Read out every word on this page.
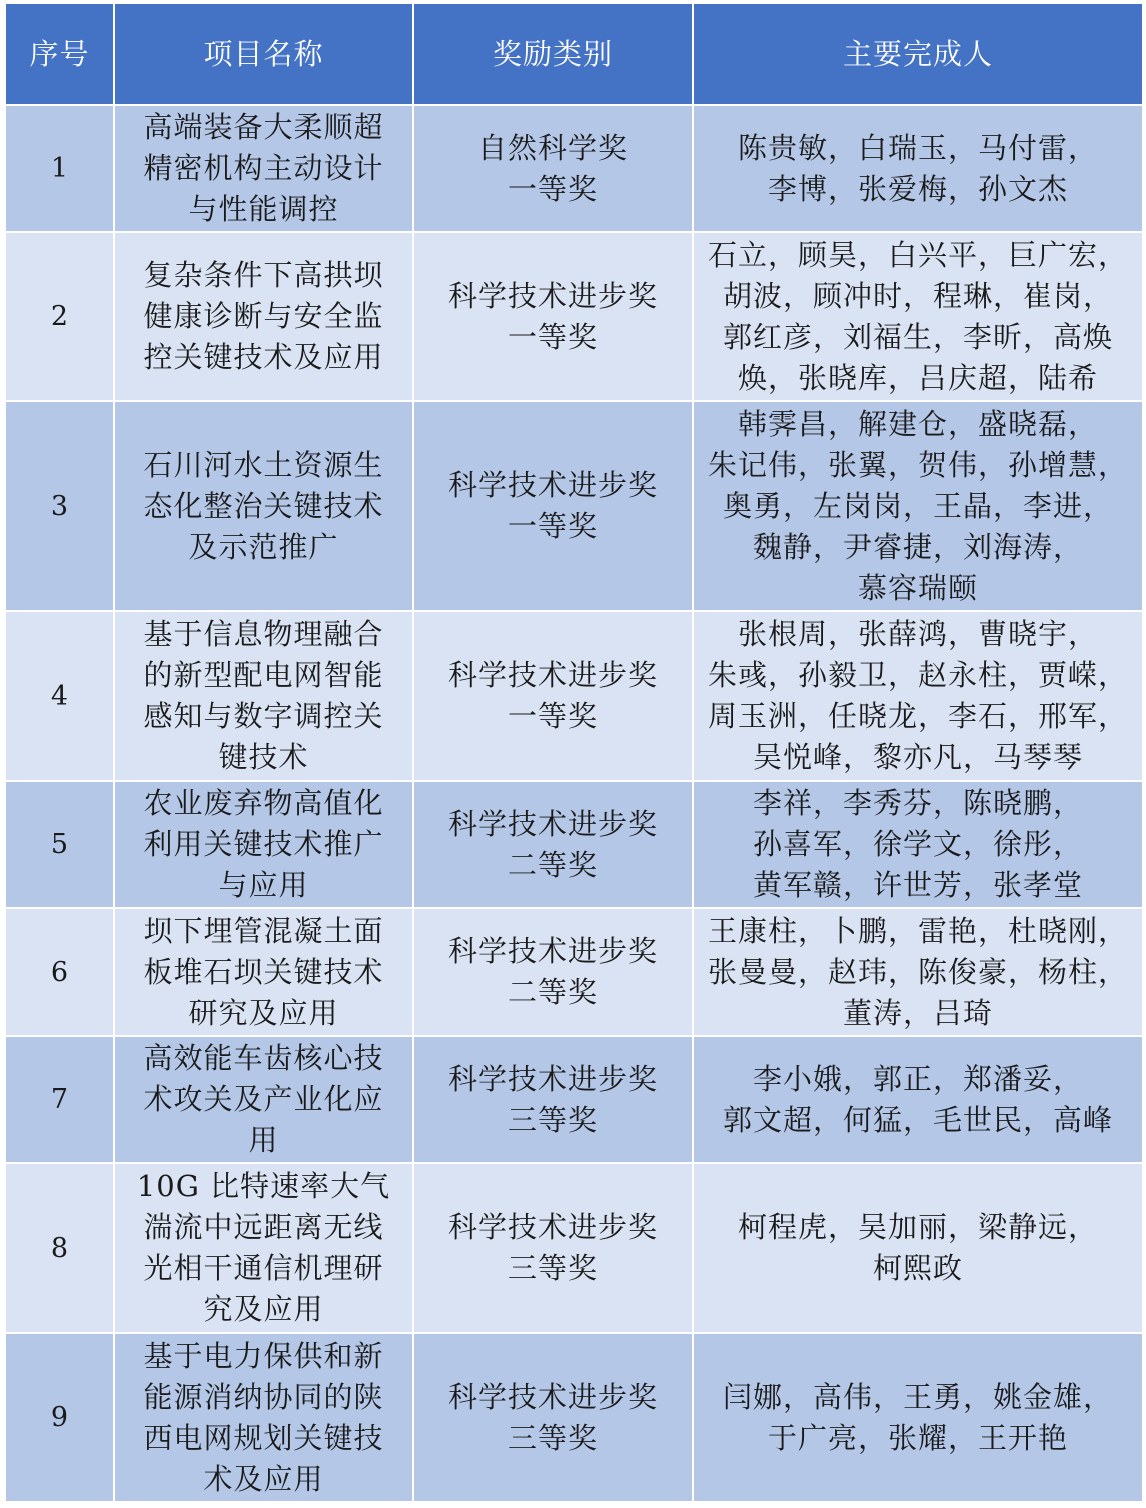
序号	项目名称	奖励类别	主要完成人
1	高端装备大柔顺超
精密机构主动设计
与性能调控	自然科学奖
一等奖	陈贵敏，白瑞玉，马付雷，
李博，张爱梅，孙文杰

2	复杂条件下高拱坝
健康诊断与安全监
控关键技术及应用	科学技术进步奖
一等奖	石立，顾昊，白兴平，巨广宏，
胡波，顾冲时，程琳，崔岗，
郭红彦，刘福生，李昕，高焕
焕，张晓库，吕庆超，陆希

3	石川河水土资源生
态化整治关键技术
及示范推广	科学技术进步奖
一等奖	韩霁昌，解建仓，盛晓磊，
朱记伟，张翼，贺伟，孙增慧，
奥勇，左岗岗，王晶，李进，
魏静，尹睿捷，刘海涛，
慕容瑞颐

4	基于信息物理融合
的新型配电网智能
感知与数字调控关
键技术	科学技术进步奖
一等奖	张根周，张薛鸿，曹晓宇，
朱彧，孙毅卫，赵永柱，贾嵘，
周玉洲，任晓龙，李石，邢军，
吴悦峰，黎亦凡，马琴琴

5	农业废弃物高值化
利用关键技术推广
与应用	科学技术进步奖
二等奖	李祥，李秀芬，陈晓鹏，
孙喜军，徐学文，徐彤，
黄军赣，许世芳，张孝堂

6	坝下埋管混凝土面
板堆石坝关键技术
研究及应用	科学技术进步奖
二等奖	王康柱，卜鹏，雷艳，杜晓刚，
张曼曼，赵玮，陈俊豪，杨柱，
董涛，吕琦

7	高效能车齿核心技
术攻关及产业化应
用	科学技术进步奖
三等奖	李小娥，郭正，郑潘妥，
郭文超，何猛，毛世民，高峰

8	10G 比特速率大气
湍流中远距离无线
光相干通信机理研
究及应用	科学技术进步奖
三等奖	柯程虎，吴加丽，梁静远，
柯熙政

9	基于电力保供和新
能源消纳协同的陕
西电网规划关键技
术及应用	科学技术进步奖
三等奖	闫娜，高伟，王勇，姚金雄，
于广亮，张耀，王开艳
